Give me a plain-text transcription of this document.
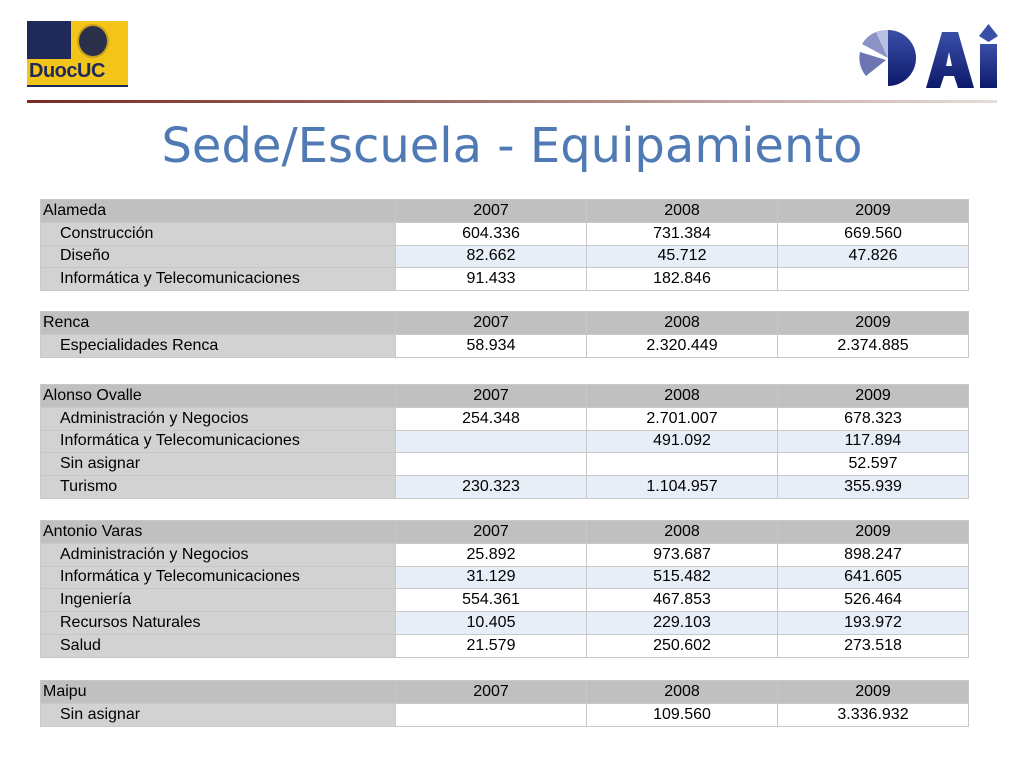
DuocUC
Sede/Escuela - Equipamiento
Alameda	2007	2008	2009
Construcción	604.336	731.384	669.560
Diseño	82.662	45.712	47.826
Informática y Telecomunicaciones	91.433	182.846	
Renca	2007	2008	2009
Especialidades Renca	58.934	2.320.449	2.374.885
Alonso Ovalle	2007	2008	2009
Administración y Negocios	254.348	2.701.007	678.323
Informática y Telecomunicaciones		491.092	117.894
Sin asignar			52.597
Turismo	230.323	1.104.957	355.939
Antonio Varas	2007	2008	2009
Administración y Negocios	25.892	973.687	898.247
Informática y Telecomunicaciones	31.129	515.482	641.605
Ingeniería	554.361	467.853	526.464
Recursos Naturales	10.405	229.103	193.972
Salud	21.579	250.602	273.518
Maipu	2007	2008	2009
Sin asignar		109.560	3.336.932
